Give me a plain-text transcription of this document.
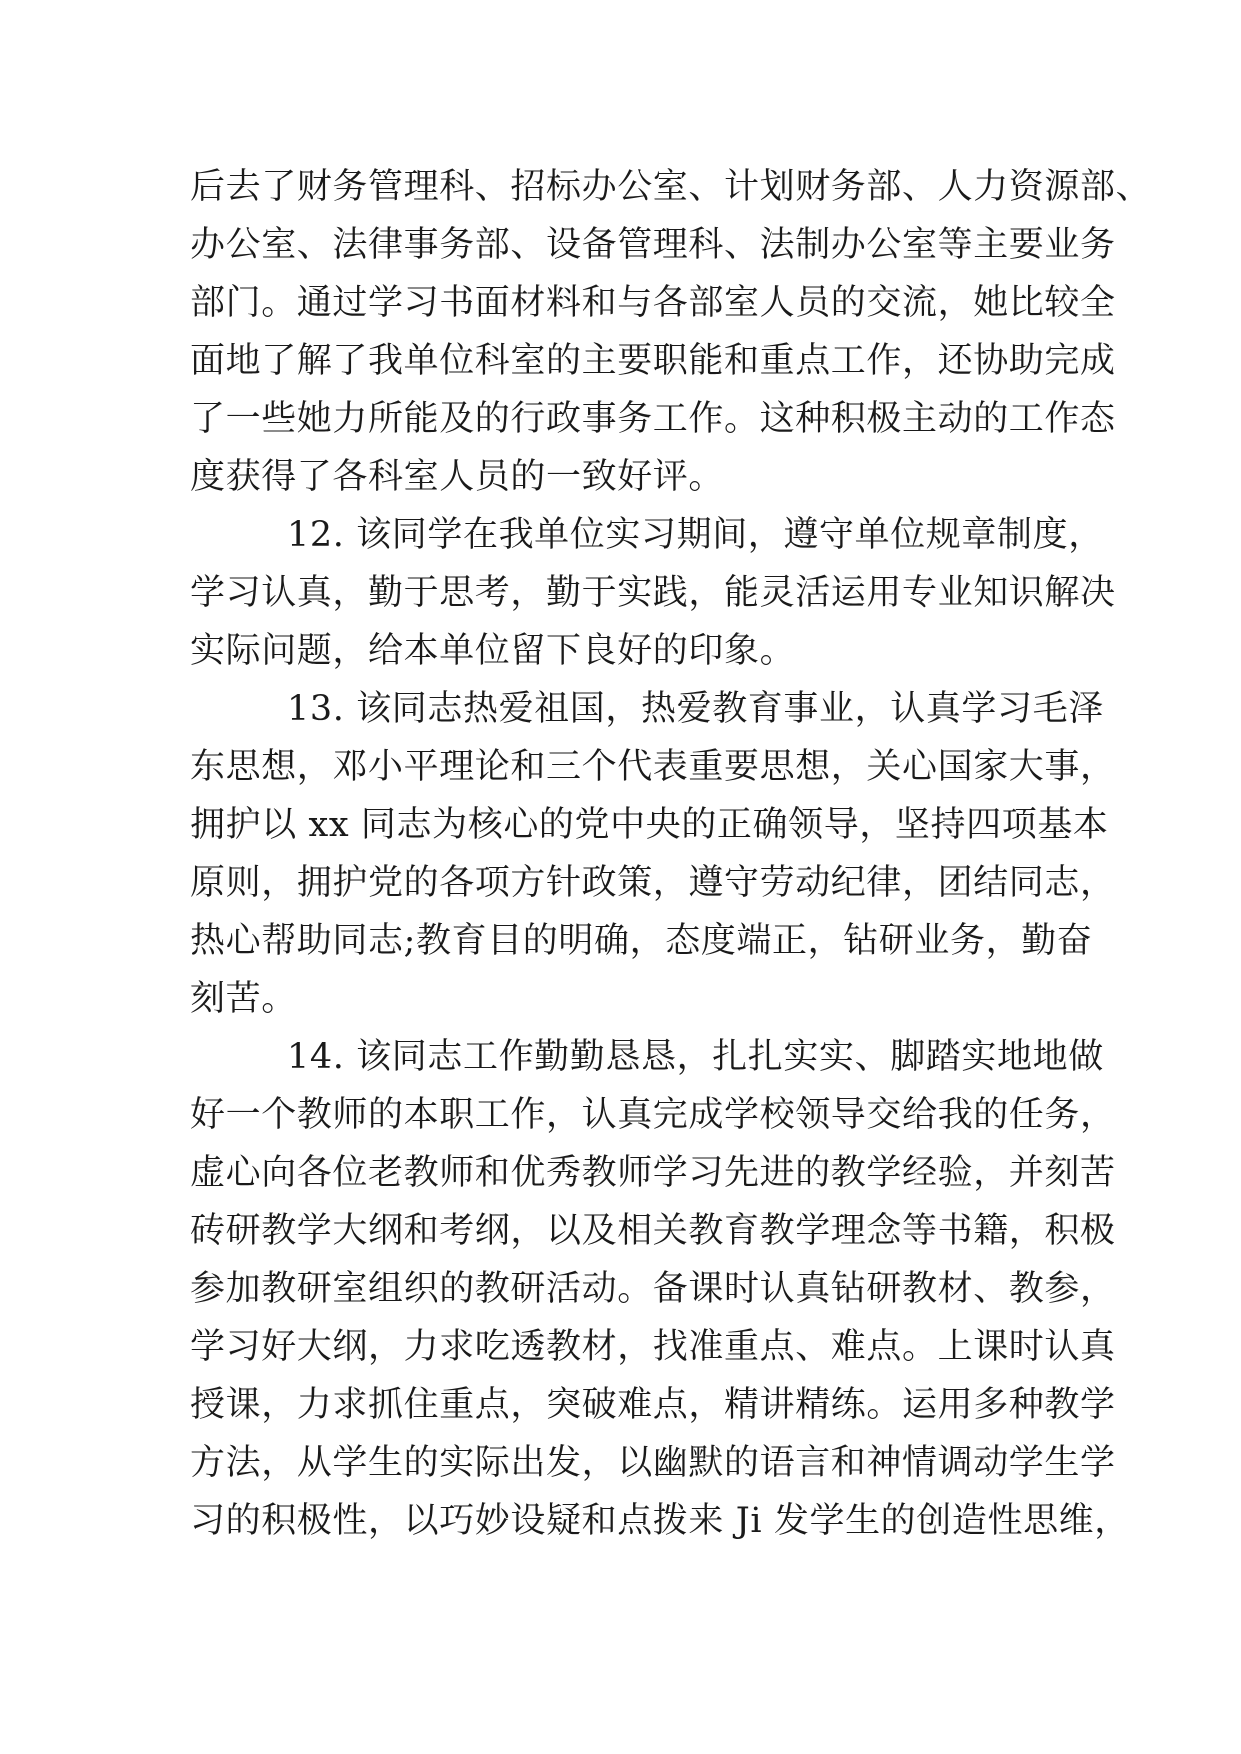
后去了财务管理科、招标办公室、计划财务部、人力资源部、
办公室、法律事务部、设备管理科、法制办公室等主要业务
部门。通过学习书面材料和与各部室人员的交流，她比较全
面地了解了我单位科室的主要职能和重点工作，还协助完成
了一些她力所能及的行政事务工作。这种积极主动的工作态
度获得了各科室人员的一致好评。
12. 该同学在我单位实习期间，遵守单位规章制度，
学习认真，勤于思考，勤于实践，能灵活运用专业知识解决
实际问题，给本单位留下良好的印象。
13. 该同志热爱祖国，热爱教育事业，认真学习毛泽
东思想，邓小平理论和三个代表重要思想，关心国家大事，
拥护以 xx 同志为核心的党中央的正确领导，坚持四项基本
原则，拥护党的各项方针政策，遵守劳动纪律，团结同志，
热心帮助同志;教育目的明确，态度端正，钻研业务，勤奋
刻苦。
14. 该同志工作勤勤恳恳，扎扎实实、脚踏实地地做
好一个教师的本职工作，认真完成学校领导交给我的任务，
虚心向各位老教师和优秀教师学习先进的教学经验，并刻苦
砖研教学大纲和考纲，以及相关教育教学理念等书籍，积极
参加教研室组织的教研活动。备课时认真钻研教材、教参，
学习好大纲，力求吃透教材，找准重点、难点。上课时认真
授课，力求抓住重点，突破难点，精讲精练。运用多种教学
方法，从学生的实际出发，以幽默的语言和神情调动学生学
习的积极性，以巧妙设疑和点拨来 Ji 发学生的创造性思维，
